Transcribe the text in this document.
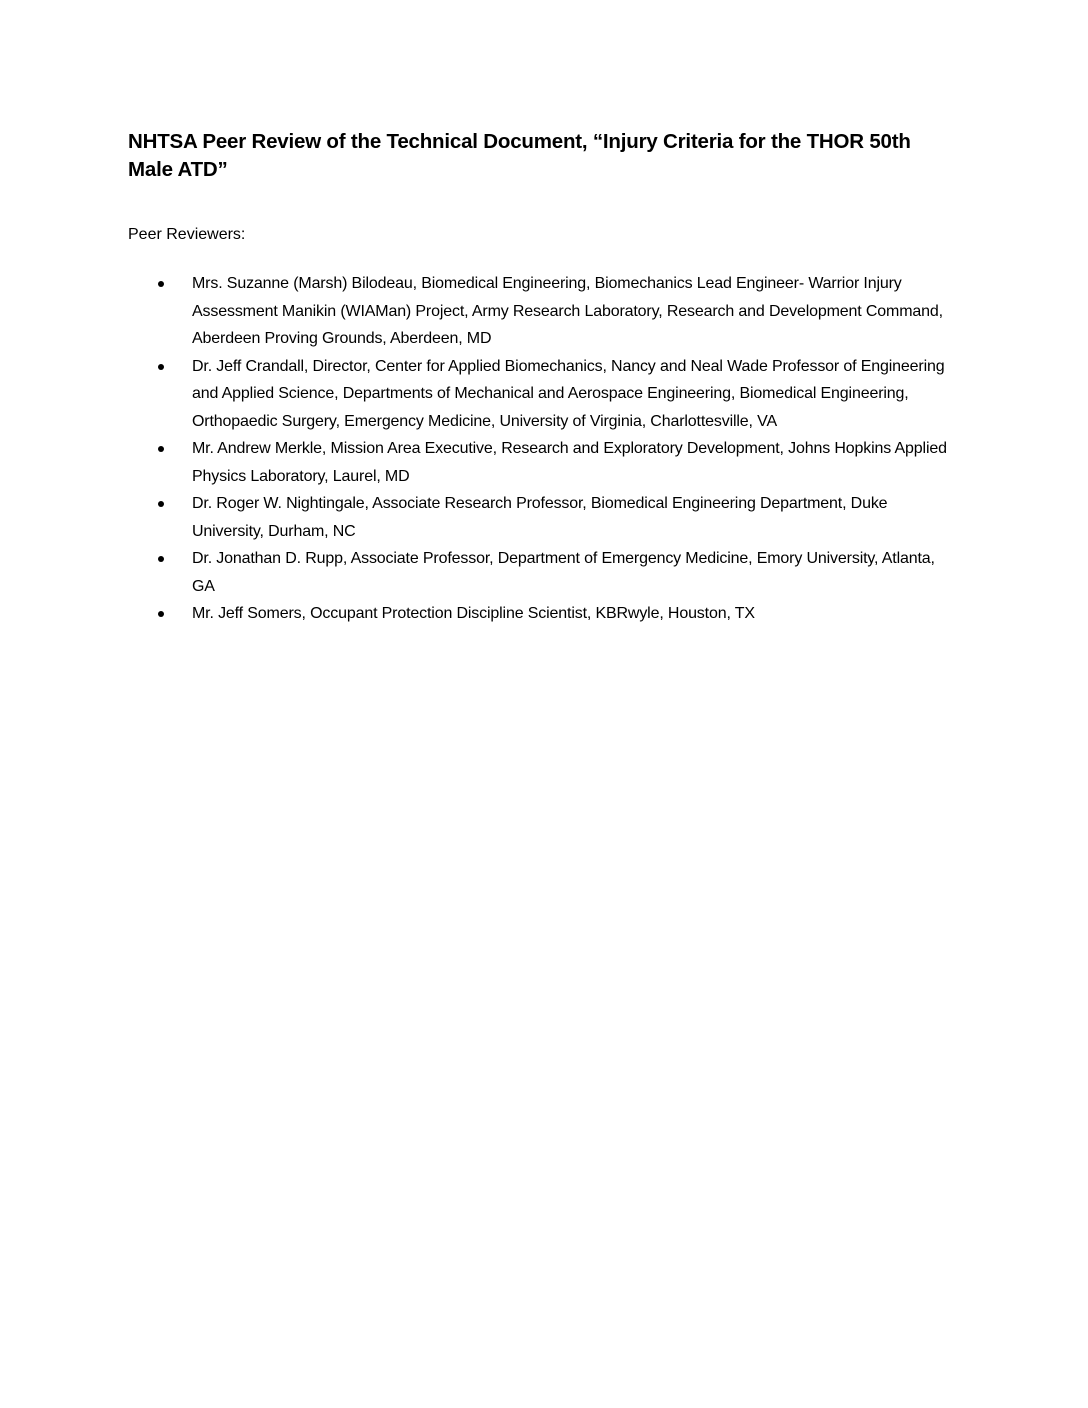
NHTSA Peer Review of the Technical Document, “Injury Criteria for the THOR 50th Male ATD”

Peer Reviewers:

Mrs. Suzanne (Marsh) Bilodeau, Biomedical Engineering, Biomechanics Lead Engineer- Warrior Injury Assessment Manikin (WIAMan) Project, Army Research Laboratory, Research and Development Command, Aberdeen Proving Grounds, Aberdeen, MD
Dr. Jeff Crandall, Director, Center for Applied Biomechanics, Nancy and Neal Wade Professor of Engineering and Applied Science, Departments of Mechanical and Aerospace Engineering, Biomedical Engineering, Orthopaedic Surgery, Emergency Medicine, University of Virginia, Charlottesville, VA
Mr. Andrew Merkle, Mission Area Executive, Research and Exploratory Development, Johns Hopkins Applied Physics Laboratory, Laurel, MD
Dr. Roger W. Nightingale, Associate Research Professor, Biomedical Engineering Department, Duke University, Durham, NC
Dr. Jonathan D. Rupp, Associate Professor, Department of Emergency Medicine, Emory University, Atlanta, GA
Mr. Jeff Somers, Occupant Protection Discipline Scientist, KBRwyle, Houston, TX
